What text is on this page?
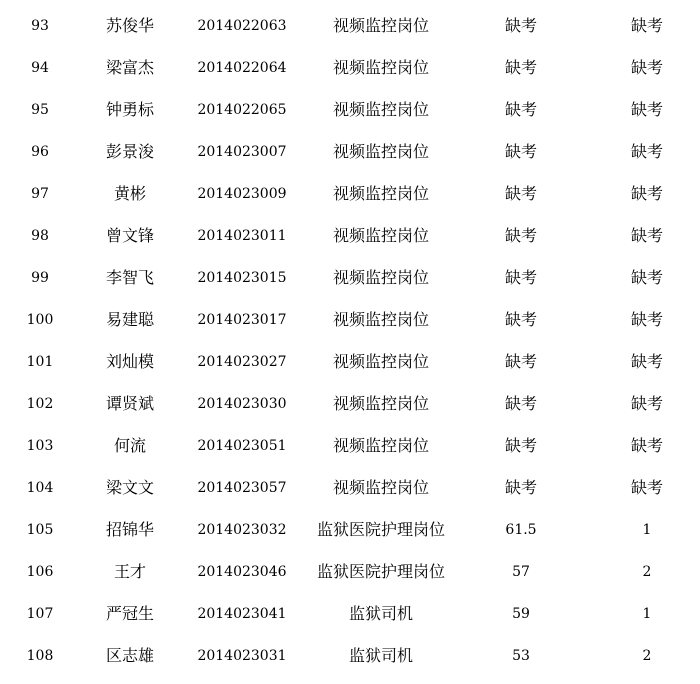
93	苏俊华	2014022063	视频监控岗位	缺考	缺考
94	梁富杰	2014022064	视频监控岗位	缺考	缺考
95	钟勇标	2014022065	视频监控岗位	缺考	缺考
96	彭景浚	2014023007	视频监控岗位	缺考	缺考
97	黄彬	2014023009	视频监控岗位	缺考	缺考
98	曾文锋	2014023011	视频监控岗位	缺考	缺考
99	李智飞	2014023015	视频监控岗位	缺考	缺考
100	易建聪	2014023017	视频监控岗位	缺考	缺考
101	刘灿模	2014023027	视频监控岗位	缺考	缺考
102	谭贤斌	2014023030	视频监控岗位	缺考	缺考
103	何流	2014023051	视频监控岗位	缺考	缺考
104	梁文文	2014023057	视频监控岗位	缺考	缺考
105	招锦华	2014023032	监狱医院护理岗位	61.5	1
106	王才	2014023046	监狱医院护理岗位	57	2
107	严冠生	2014023041	监狱司机	59	1
108	区志雄	2014023031	监狱司机	53	2
